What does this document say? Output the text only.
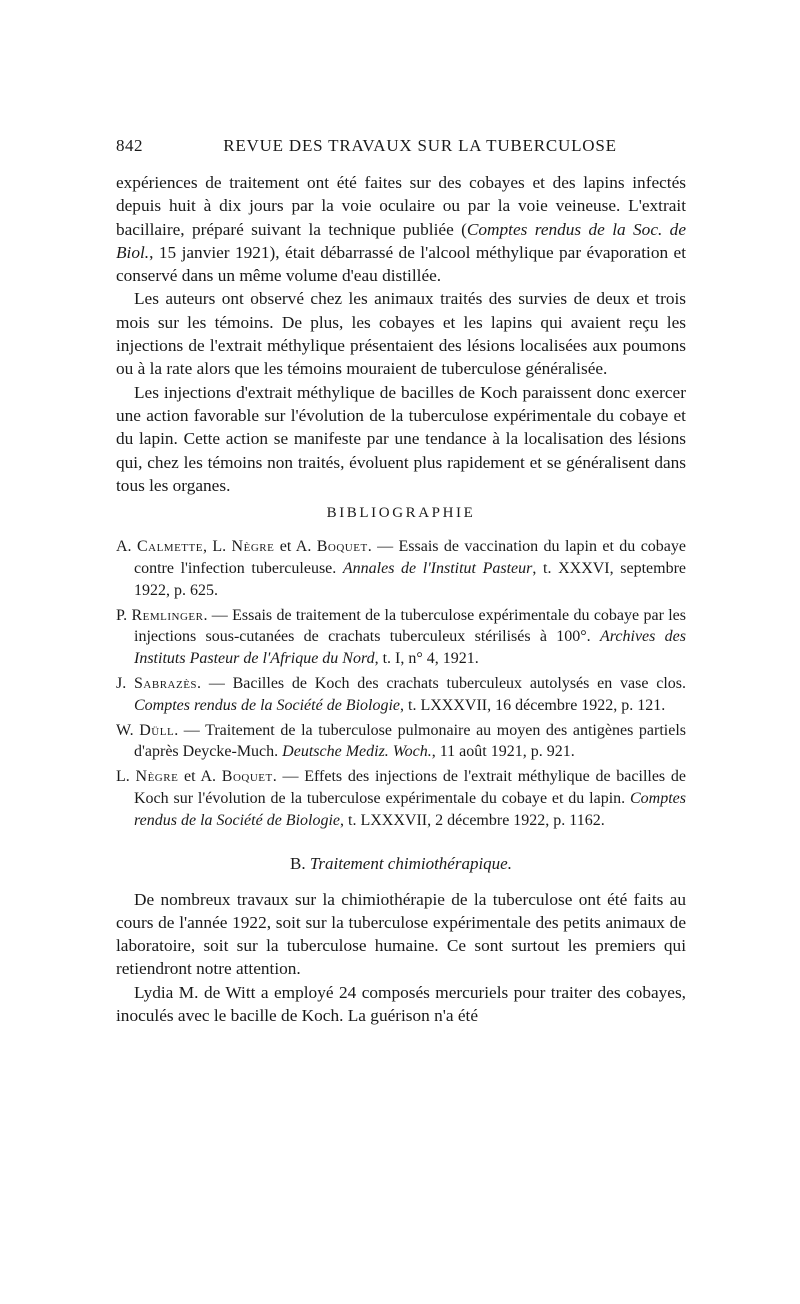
842	REVUE DES TRAVAUX SUR LA TUBERCULOSE

expériences de traitement ont été faites sur des cobayes et des lapins infectés depuis huit à dix jours par la voie oculaire ou par la voie veineuse. L'extrait bacillaire, préparé suivant la technique publiée (Comptes rendus de la Soc. de Biol., 15 janvier 1921), était débarrassé de l'alcool méthylique par évaporation et conservé dans un même volume d'eau distillée.

Les auteurs ont observé chez les animaux traités des survies de deux et trois mois sur les témoins. De plus, les cobayes et les lapins qui avaient reçu les injections de l'extrait méthylique présentaient des lésions localisées aux poumons ou à la rate alors que les témoins mouraient de tuberculose généralisée.

Les injections d'extrait méthylique de bacilles de Koch paraissent donc exercer une action favorable sur l'évolution de la tuberculose expérimentale du cobaye et du lapin. Cette action se manifeste par une tendance à la localisation des lésions qui, chez les témoins non traités, évoluent plus rapidement et se généralisent dans tous les organes.

BIBLIOGRAPHIE

A. Calmette, L. Nègre et A. Boquet. — Essais de vaccination du lapin et du cobaye contre l'infection tuberculeuse. Annales de l'Institut Pasteur, t. XXXVI, septembre 1922, p. 625.

P. Remlinger. — Essais de traitement de la tuberculose expérimentale du cobaye par les injections sous-cutanées de crachats tuberculeux stérilisés à 100°. Archives des Instituts Pasteur de l'Afrique du Nord, t. I, n° 4, 1921.

J. Sabrazès. — Bacilles de Koch des crachats tuberculeux autolysés en vase clos. Comptes rendus de la Société de Biologie, t. LXXXVII, 16 décembre 1922, p. 121.

W. Düll. — Traitement de la tuberculose pulmonaire au moyen des antigènes partiels d'après Deycke-Much. Deutsche Mediz. Woch., 11 août 1921, p. 921.

L. Nègre et A. Boquet. — Effets des injections de l'extrait méthylique de bacilles de Koch sur l'évolution de la tuberculose expérimentale du cobaye et du lapin. Comptes rendus de la Société de Biologie, t. LXXXVII, 2 décembre 1922, p. 1162.

B. Traitement chimiothérapique.

De nombreux travaux sur la chimiothérapie de la tuberculose ont été faits au cours de l'année 1922, soit sur la tuberculose expérimentale des petits animaux de laboratoire, soit sur la tuberculose humaine. Ce sont surtout les premiers qui retiendront notre attention.

Lydia M. de Witt a employé 24 composés mercuriels pour traiter des cobayes, inoculés avec le bacille de Koch. La guérison n'a été
